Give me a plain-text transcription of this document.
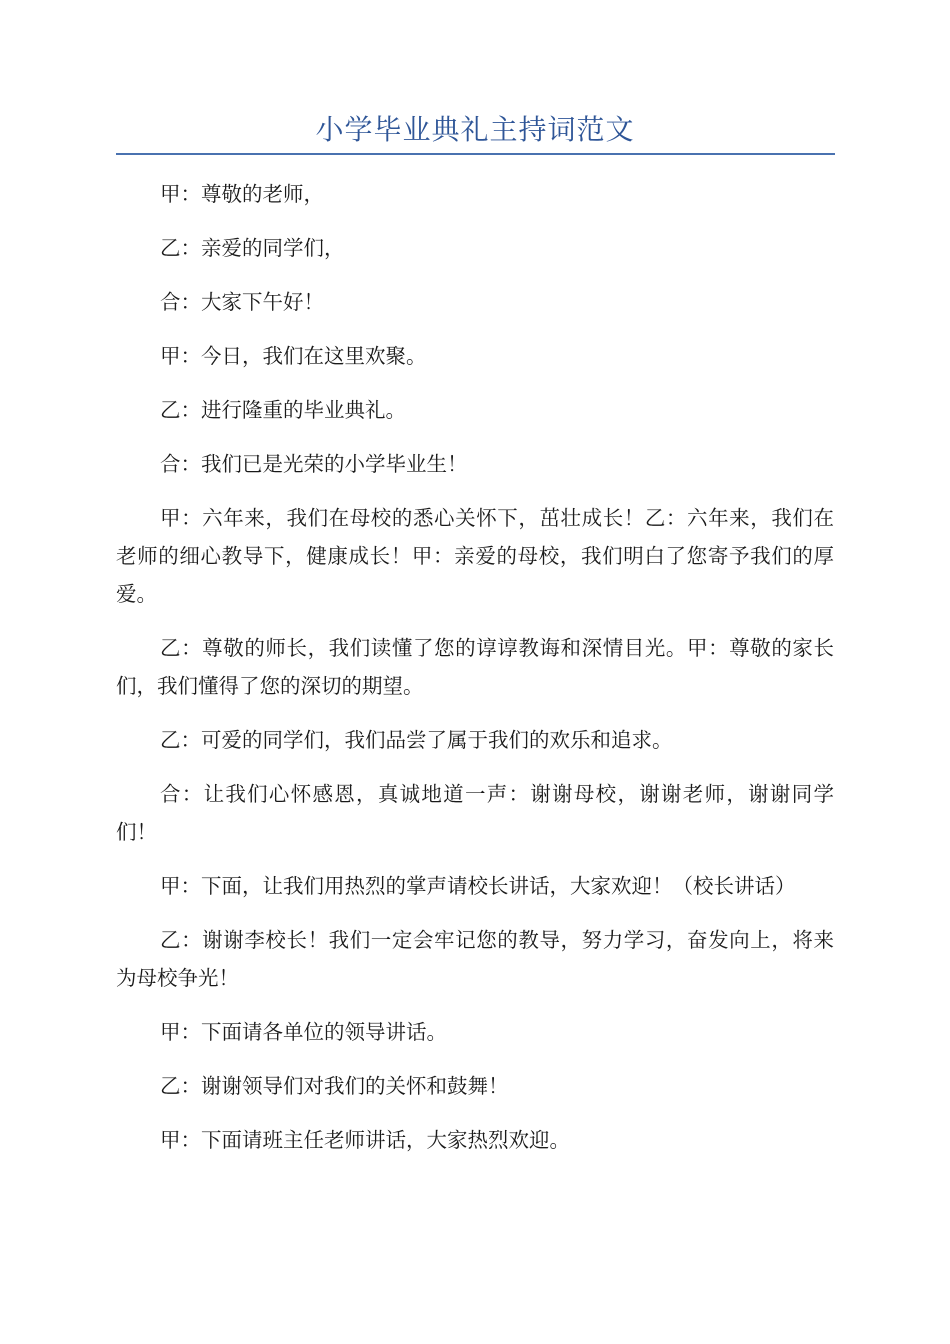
小学毕业典礼主持词范文

甲：尊敬的老师，

乙：亲爱的同学们，

合：大家下午好！

甲：今日，我们在这里欢聚。

乙：进行隆重的毕业典礼。

合：我们已是光荣的小学毕业生！

甲：六年来，我们在母校的悉心关怀下，茁壮成长！乙：六年来，我们在老师的细心教导下，健康成长！甲：亲爱的母校，我们明白了您寄予我们的厚爱。

乙：尊敬的师长，我们读懂了您的谆谆教诲和深情目光。甲：尊敬的家长们，我们懂得了您的深切的期望。

乙：可爱的同学们，我们品尝了属于我们的欢乐和追求。

合：让我们心怀感恩，真诚地道一声：谢谢母校，谢谢老师，谢谢同学们！

甲：下面，让我们用热烈的掌声请校长讲话，大家欢迎！（校长讲话）

乙：谢谢李校长！我们一定会牢记您的教导，努力学习，奋发向上，将来为母校争光！

甲：下面请各单位的领导讲话。

乙：谢谢领导们对我们的关怀和鼓舞！

甲：下面请班主任老师讲话，大家热烈欢迎。
